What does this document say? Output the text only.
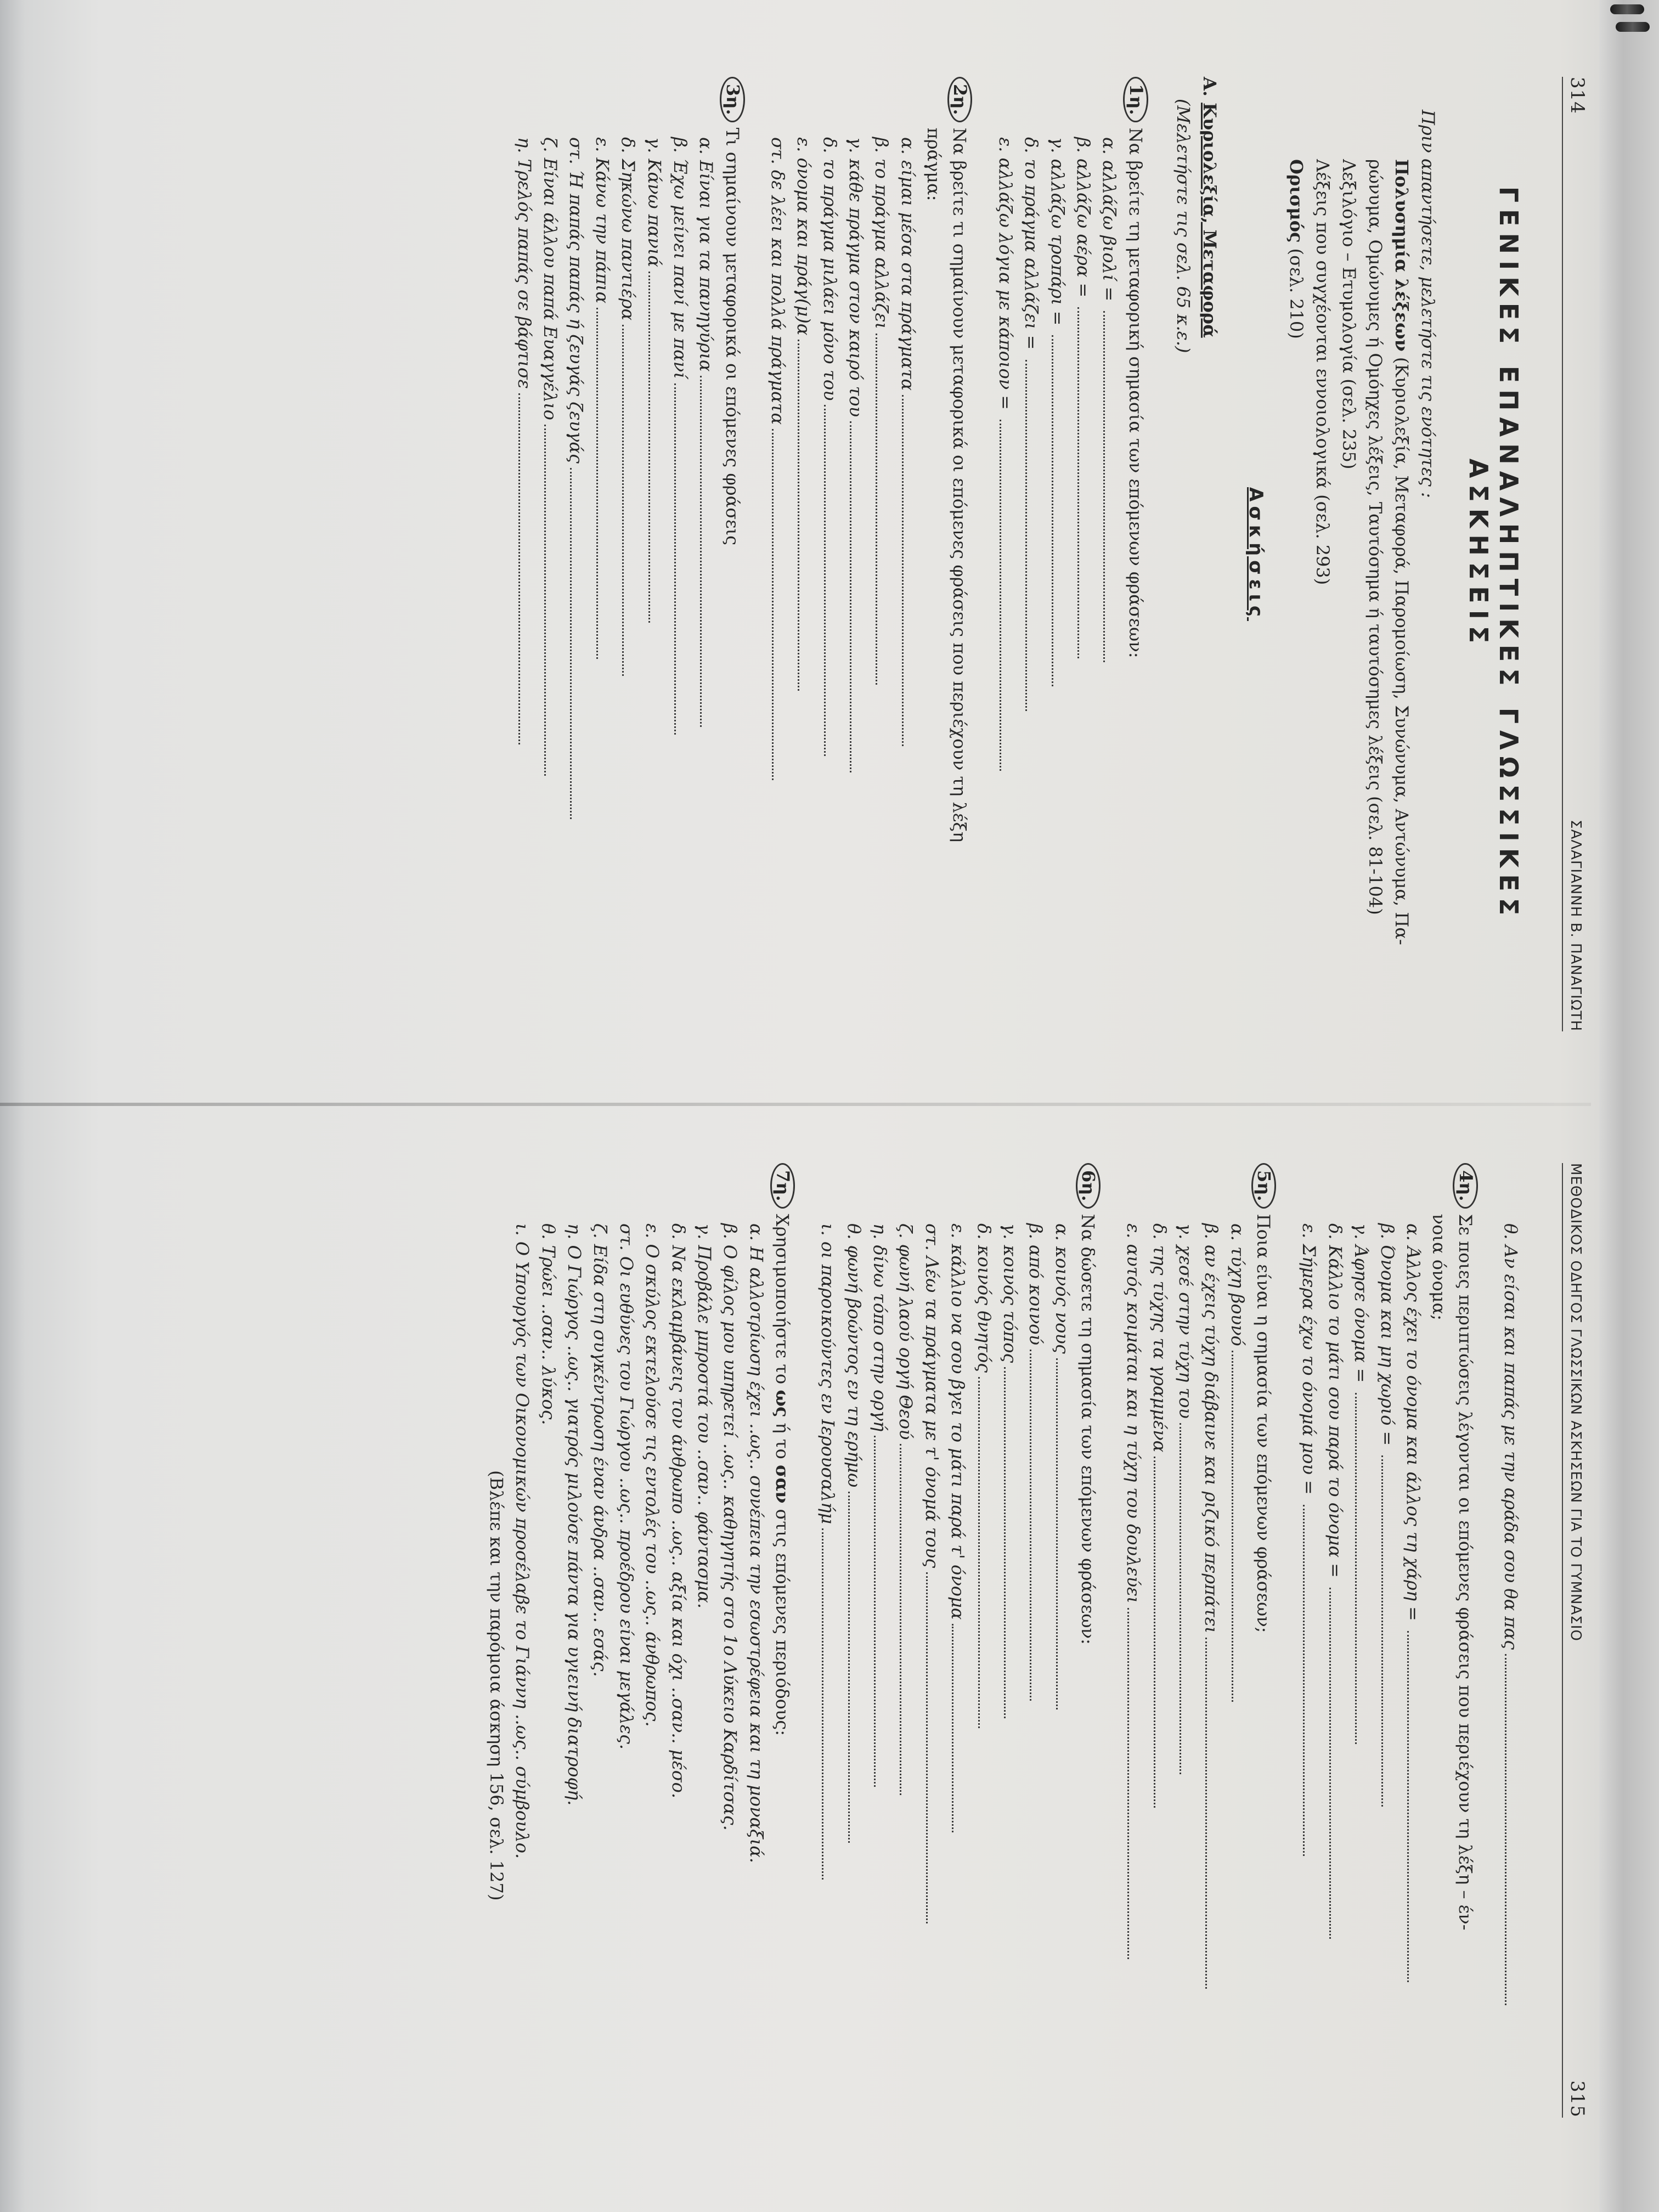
314
ΣΑΛΑΓΙΑΝΝΗ Β. ΠΑΝΑΓΙΩΤΗ
ΓΕΝΙΚΕΣ ΕΠΑΝΑΛΗΠΤΙΚΕΣ ΓΛΩΣΣΙΚΕΣ
ΑΣΚΗΣΕΙΣ
Πριν απαντήσετε, μελετήστε τις ενότητες :
Πολυσημία λέξεων (Κυριολεξία, Μεταφορά, Παρομοίωση, Συνώνυμα, Αντώνυμα, Πα-
ρώνυμα, Ομώνυμες ή Ομόηχες λέξεις, Ταυτόσημα ή ταυτόσημες λέξεις (σελ. 81-104)
Λεξιλόγιο – Ετυμολογία (σελ. 235)
Λέξεις που συγχέονται εννοιολογικά (σελ. 293)
Ορισμός (σελ. 210)
Ασκήσεις
Α. Κυριολεξία, Μεταφορά
(Μελετήστε τις σελ. 65 κ.ε.)
1η.
Να βρείτε τη μεταφορική σημασία των επόμενων φράσεων:
α. αλλάζω βιολί
=
β. αλλάζω αέρα
=
γ. αλλάζω τροπάρι
=
δ. το πράγμα αλλάζει
=
ε. αλλάζω λόγια με κάποιον
=
2η.
Να βρείτε τι σημαίνουν μεταφορικά οι επόμενες φράσεις που περιέχουν τη λέξη
πράγμα:
α. είμαι μέσα στα πράγματα
β. το πράγμα αλλάζει
γ. κάθε πράγμα στον καιρό του
δ. το πράγμα μιλάει μόνο του
ε. όνομα και πράγ(μ)α
στ. δε λέει και πολλά πράγματα
3η.
Τι σημαίνουν μεταφορικά οι επόμενες φράσεις
α. Είναι για τα πανηγύρια
β. Έχω μείνει πανί με πανί
γ. Κάνω πανιά
δ. Σηκώνω παντιέρα
ε. Κάνω την πάπια
στ. Ή παπάς παπάς ή ζευγάς ζευγάς
ζ. Είναι άλλου παπά Ευαγγέλιο
η. Τρελός παπάς σε βάφτισε
ΜΕΘΟΔΙΚΟΣ ΟΔΗΓΟΣ ΓΛΩΣΣΙΚΩΝ ΑΣΚΗΣΕΩΝ ΓΙΑ ΤΟ ΓΥΜΝΑΣΙΟ
315
θ. Αν είσαι και παπάς με την αράδα σου θα πας
4η.
Σε ποιες περιπτώσεις λέγονται οι επόμενες φράσεις που περιέχουν τη λέξη – έν-
νοια όνομα;
α. Άλλος έχει το όνομα και άλλος τη χάρη
=
β. Όνομα και μη χωριό
=
γ. Άφησε όνομα
=
δ. Κάλλιο το μάτι σου παρά το όνομα
=
ε. Σήμερα έχω το όνομά μου
=
5η.
Ποια είναι η σημασία των επόμενων φράσεων;
α. τύχη βουνό
β. αν έχεις τύχη διάβαινε και ριζικό περπάτει
γ. χεσέ στην τύχη του
δ. της τύχης τα γραμμένα
ε. αυτός κοιμάται και η τύχη του δουλεύει
6η.
Να δώσετε τη σημασία των επόμενων φράσεων:
α. κοινός νους
β. από κοινού
γ. κοινός τόπος
δ. κοινός θνητός
ε. κάλλιο να σου βγει το μάτι παρά τ' όνομα
στ. Λέω τα πράγματα με τ' όνομά τους
ζ. φωνή λαού οργή Θεού
η. δίνω τόπο στην οργή
θ. φωνή βοώντος εν τη ερήμω
ι. οι παροικούντες εν Ιερουσαλήμ
7η.
Χρησιμοποιήστε το ως ή το σαν στις επόμενες περιόδους:
α. Η αλλοτρίωση έχει ..ως.. συνέπεια την εσωστρέφεια και τη μοναξιά.
β. Ο φίλος μου υπηρετεί ..ως.. καθηγητής στο 1ο Λύκειο Καρδίτσας.
γ. Προβάλε μπροστά του ..σαν.. φάντασμα.
δ. Να εκλαμβάνεις τον άνθρωπο ..ως.. αξία και όχι ..σαν.. μέσο.
ε. Ο σκύλος εκτελούσε τις εντολές του ..ως.. άνθρωπος.
στ. Οι ευθύνες του Γιώργου ..ως.. προέδρου είναι μεγάλες.
ζ. Είδα στη συγκέντρωση έναν άνδρα ..σαν.. εσάς.
η. Ο Γιώργος ..ως.. γιατρός μιλούσε πάντα για υγιεινή διατροφή.
θ. Τρώει ..σαν.. λύκος.
ι. Ο Υπουργός των Οικονομικών προσέλαβε το Γιάννη ..ως.. σύμβουλο.
(Βλέπε και την παρόμοια άσκηση 156, σελ. 127)
